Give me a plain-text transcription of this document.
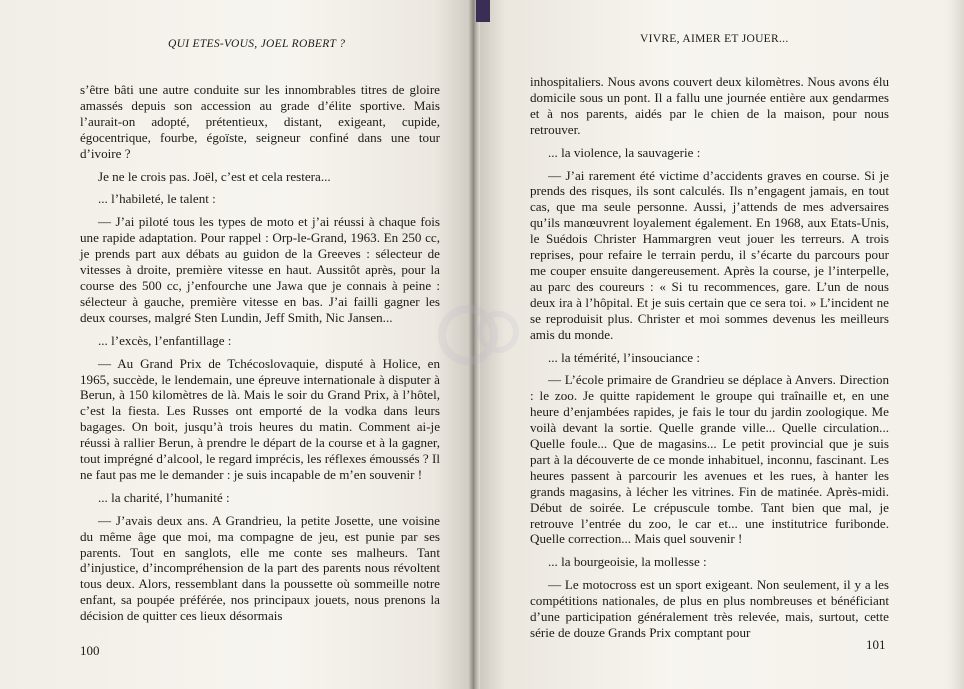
QUI ETES-VOUS, JOEL ROBERT ?	VIVRE, AIMER ET JOUER...

s’être bâti une autre conduite sur les innombrables titres de gloire amassés depuis son accession au grade d’élite sportive. Mais l’aurait-on adopté, prétentieux, distant, exigeant, cupide, égocentrique, fourbe, égoïste, seigneur confiné dans une tour d’ivoire ?

Je ne le crois pas. Joël, c’est et cela restera...

... l’habileté, le talent :

— J’ai piloté tous les types de moto et j’ai réussi à chaque fois une rapide adaptation. Pour rappel : Orp-le-Grand, 1963. En 250 cc, je prends part aux débats au guidon de la Greeves : sélecteur de vitesses à droite, première vitesse en haut. Aussitôt après, pour la course des 500 cc, j’enfourche une Jawa que je connais à peine : sélecteur à gauche, première vitesse en bas. J’ai failli gagner les deux courses, malgré Sten Lundin, Jeff Smith, Nic Jansen...

... l’excès, l’enfantillage :

— Au Grand Prix de Tchécoslovaquie, disputé à Holice, en 1965, succède, le lendemain, une épreuve internationale à disputer à Berun, à 150 kilomètres de là. Mais le soir du Grand Prix, à l’hôtel, c’est la fiesta. Les Russes ont emporté de la vodka dans leurs bagages. On boit, jusqu’à trois heures du matin. Comment ai-je réussi à rallier Berun, à prendre le départ de la course et à la gagner, tout imprégné d’alcool, le regard imprécis, les réflexes émoussés ? Il ne faut pas me le demander : je suis incapable de m’en souvenir !

... la charité, l’humanité :

— J’avais deux ans. A Grandrieu, la petite Josette, une voisine du même âge que moi, ma compagne de jeu, est punie par ses parents. Tout en sanglots, elle me conte ses malheurs. Tant d’injustice, d’incompréhension de la part des parents nous révoltent tous deux. Alors, ressemblant dans la poussette où sommeille notre enfant, sa poupée préférée, nos principaux jouets, nous prenons la décision de quitter ces lieux désormais

inhospitaliers. Nous avons couvert deux kilomètres. Nous avons élu domicile sous un pont. Il a fallu une journée entière aux gendarmes et à nos parents, aidés par le chien de la maison, pour nous retrouver.

... la violence, la sauvagerie :

— J’ai rarement été victime d’accidents graves en course. Si je prends des risques, ils sont calculés. Ils n’engagent jamais, en tout cas, que ma seule personne. Aussi, j’attends de mes adversaires qu’ils manœuvrent loyalement également. En 1968, aux Etats-Unis, le Suédois Christer Hammargren veut jouer les terreurs. A trois reprises, pour refaire le terrain perdu, il s’écarte du parcours pour me couper ensuite dangereusement. Après la course, je l’interpelle, au parc des coureurs : « Si tu recommences, gare. L’un de nous deux ira à l’hôpital. Et je suis certain que ce sera toi. » L’incident ne se reproduisit plus. Christer et moi sommes devenus les meilleurs amis du monde.

... la témérité, l’insouciance :

— L’école primaire de Grandrieu se déplace à Anvers. Direction : le zoo. Je quitte rapidement le groupe qui traînaille et, en une heure d’enjambées rapides, je fais le tour du jardin zoologique. Me voilà devant la sortie. Quelle grande ville... Quelle circulation... Quelle foule... Que de magasins... Le petit provincial que je suis part à la découverte de ce monde inhabituel, inconnu, fascinant. Les heures passent à parcourir les avenues et les rues, à hanter les grands magasins, à lécher les vitrines. Fin de matinée. Après-midi. Début de soirée. Le crépuscule tombe. Tant bien que mal, je retrouve l’entrée du zoo, le car et... une institutrice furibonde. Quelle correction... Mais quel souvenir !

... la bourgeoisie, la mollesse :

— Le motocross est un sport exigeant. Non seulement, il y a les compétitions nationales, de plus en plus nombreuses et bénéficiant d’une participation généralement très relevée, mais, surtout, cette série de douze Grands Prix comptant pour

100	101
